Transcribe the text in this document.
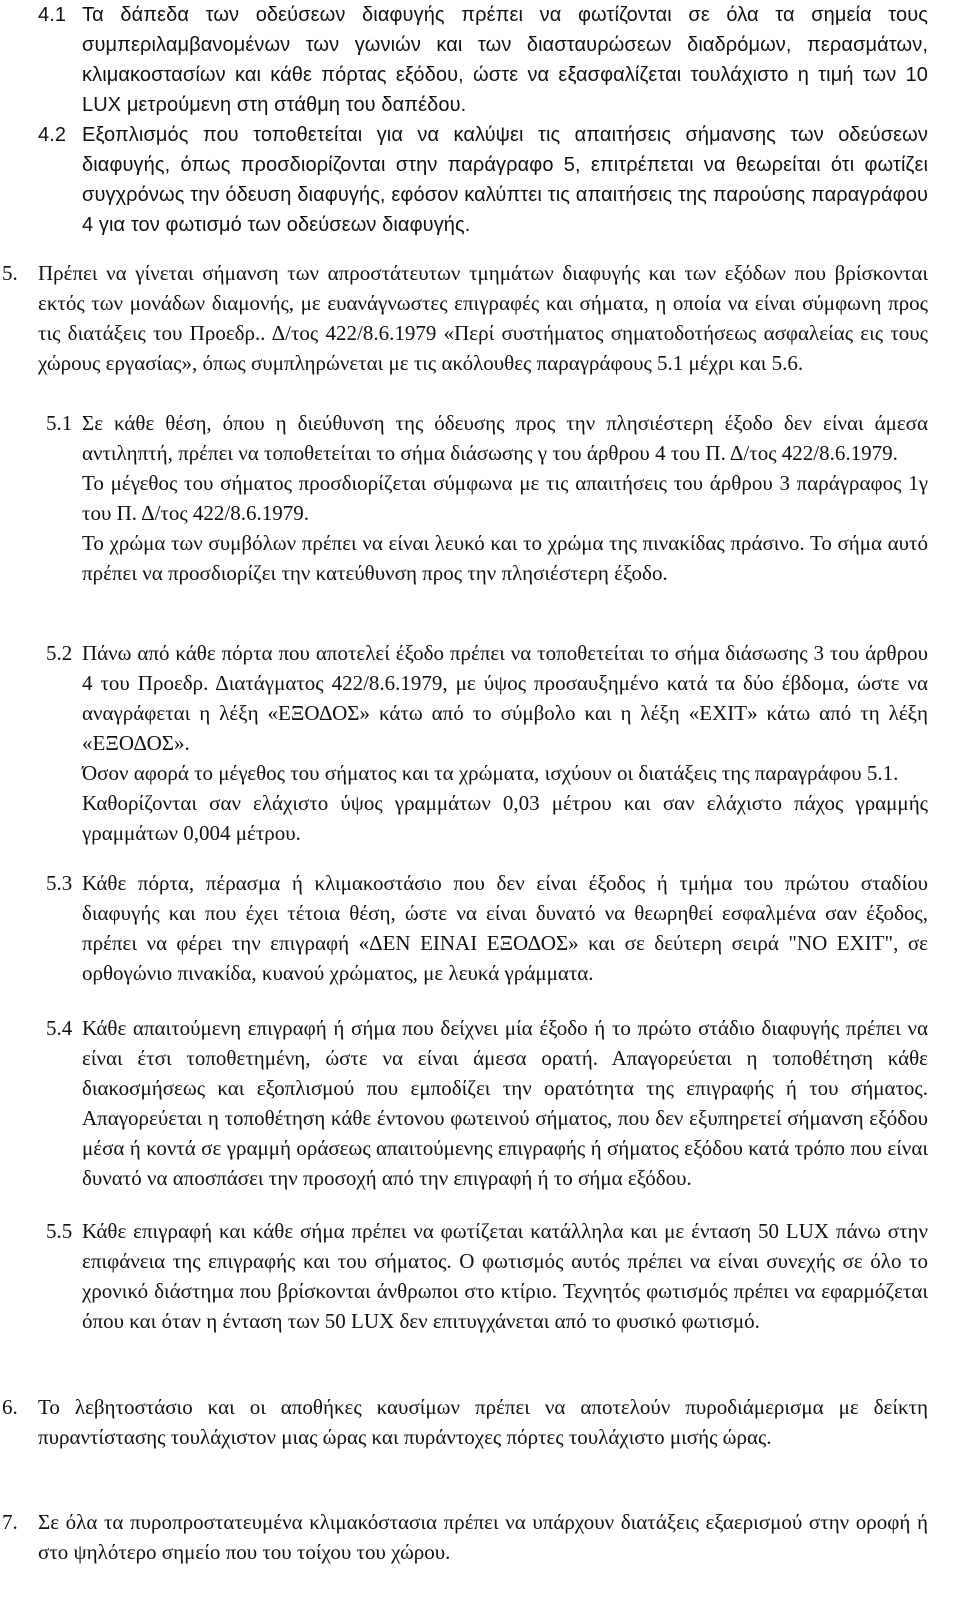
4.1 Τα δάπεδα των οδεύσεων διαφυγής πρέπει να φωτίζονται σε όλα τα σημεία τους συμπεριλαμβανομένων των γωνιών και των διασταυρώσεων διαδρόμων, περασμάτων, κλιμακοστασίων και κάθε πόρτας εξόδου, ώστε να εξασφαλίζεται τουλάχιστο η τιμή των 10 LUX μετρούμενη στη στάθμη του δαπέδου.

4.2 Εξοπλισμός που τοποθετείται για να καλύψει τις απαιτήσεις σήμανσης των οδεύσεων διαφυγής, όπως προσδιορίζονται στην παράγραφο 5, επιτρέπεται να θεωρείται ότι φωτίζει συγχρόνως την όδευση διαφυγής, εφόσον καλύπτει τις απαιτήσεις της παρούσης παραγράφου 4 για τον φωτισμό των οδεύσεων διαφυγής.

5. Πρέπει να γίνεται σήμανση των απροστάτευτων τμημάτων διαφυγής και των εξόδων που βρίσκονται εκτός των μονάδων διαμονής, με ευανάγνωστες επιγραφές και σήματα, η οποία να είναι σύμφωνη προς τις διατάξεις του Προεδρ.. Δ/τος 422/8.6.1979 «Περί συστήματος σηματοδοτήσεως ασφαλείας εις τους χώρους εργασίας», όπως συμπληρώνεται με τις ακόλουθες παραγράφους 5.1 μέχρι και 5.6.

5.1 Σε κάθε θέση, όπου η διεύθυνση της όδευσης προς την πλησιέστερη έξοδο δεν είναι άμεσα αντιληπτή, πρέπει να τοποθετείται το σήμα διάσωσης γ του άρθρου 4 του Π. Δ/τος 422/8.6.1979.

Το μέγεθος του σήματος προσδιορίζεται σύμφωνα με τις απαιτήσεις του άρθρου 3 παράγραφος 1γ του Π. Δ/τος 422/8.6.1979.

Το χρώμα των συμβόλων πρέπει να είναι λευκό και το χρώμα της πινακίδας πράσινο. Το σήμα αυτό πρέπει να προσδιορίζει την κατεύθυνση προς την πλησιέστερη έξοδο.

5.2 Πάνω από κάθε πόρτα που αποτελεί έξοδο πρέπει να τοποθετείται το σήμα διάσωσης 3 του άρθρου 4 του Προεδρ. Διατάγματος 422/8.6.1979, με ύψος προσαυξημένο κατά τα δύο έβδομα, ώστε να αναγράφεται η λέξη «ΕΞΟΔΟΣ» κάτω από το σύμβολο και η λέξη «EXIT» κάτω από τη λέξη «ΕΞΟΔΟΣ».

Όσον αφορά το μέγεθος του σήματος και τα χρώματα, ισχύουν οι διατάξεις της παραγράφου 5.1.

Καθορίζονται σαν ελάχιστο ύψος γραμμάτων 0,03 μέτρου και σαν ελάχιστο πάχος γραμμής γραμμάτων 0,004 μέτρου.

5.3 Κάθε πόρτα, πέρασμα ή κλιμακοστάσιο που δεν είναι έξοδος ή τμήμα του πρώτου σταδίου διαφυγής και που έχει τέτοια θέση, ώστε να είναι δυνατό να θεωρηθεί εσφαλμένα σαν έξοδος, πρέπει να φέρει την επιγραφή «ΔΕΝ ΕΙΝΑΙ ΕΞΟΔΟΣ» και σε δεύτερη σειρά "NO EXIT", σε ορθογώνιο πινακίδα, κυανού χρώματος, με λευκά γράμματα.

5.4 Κάθε απαιτούμενη επιγραφή ή σήμα που δείχνει μία έξοδο ή το πρώτο στάδιο διαφυγής πρέπει να είναι έτσι τοποθετημένη, ώστε να είναι άμεσα ορατή. Απαγορεύεται η τοποθέτηση κάθε διακοσμήσεως και εξοπλισμού που εμποδίζει την ορατότητα της επιγραφής ή του σήματος. Απαγορεύεται η τοποθέτηση κάθε έντονου φωτεινού σήματος, που δεν εξυπηρετεί σήμανση εξόδου μέσα ή κοντά σε γραμμή οράσεως απαιτούμενης επιγραφής ή σήματος εξόδου κατά τρόπο που είναι δυνατό να αποσπάσει την προσοχή από την επιγραφή ή το σήμα εξόδου.

5.5 Κάθε επιγραφή και κάθε σήμα πρέπει να φωτίζεται κατάλληλα και με ένταση 50 LUX πάνω στην επιφάνεια της επιγραφής και του σήματος. Ο φωτισμός αυτός πρέπει να είναι συνεχής σε όλο το χρονικό διάστημα που βρίσκονται άνθρωποι στο κτίριο. Τεχνητός φωτισμός πρέπει να εφαρμόζεται όπου και όταν η ένταση των 50 LUX δεν επιτυγχάνεται από το φυσικό φωτισμό.

6. Το λεβητοστάσιο και οι αποθήκες καυσίμων πρέπει να αποτελούν πυροδιάμερισμα με δείκτη πυραντίστασης τουλάχιστον μιας ώρας και πυράντοχες πόρτες τουλάχιστο μισής ώρας.

7. Σε όλα τα πυροπροστατευμένα κλιμακόστασια πρέπει να υπάρχουν διατάξεις εξαερισμού στην οροφή ή στο ψηλότερο σημείο που του τοίχου του χώρου.
